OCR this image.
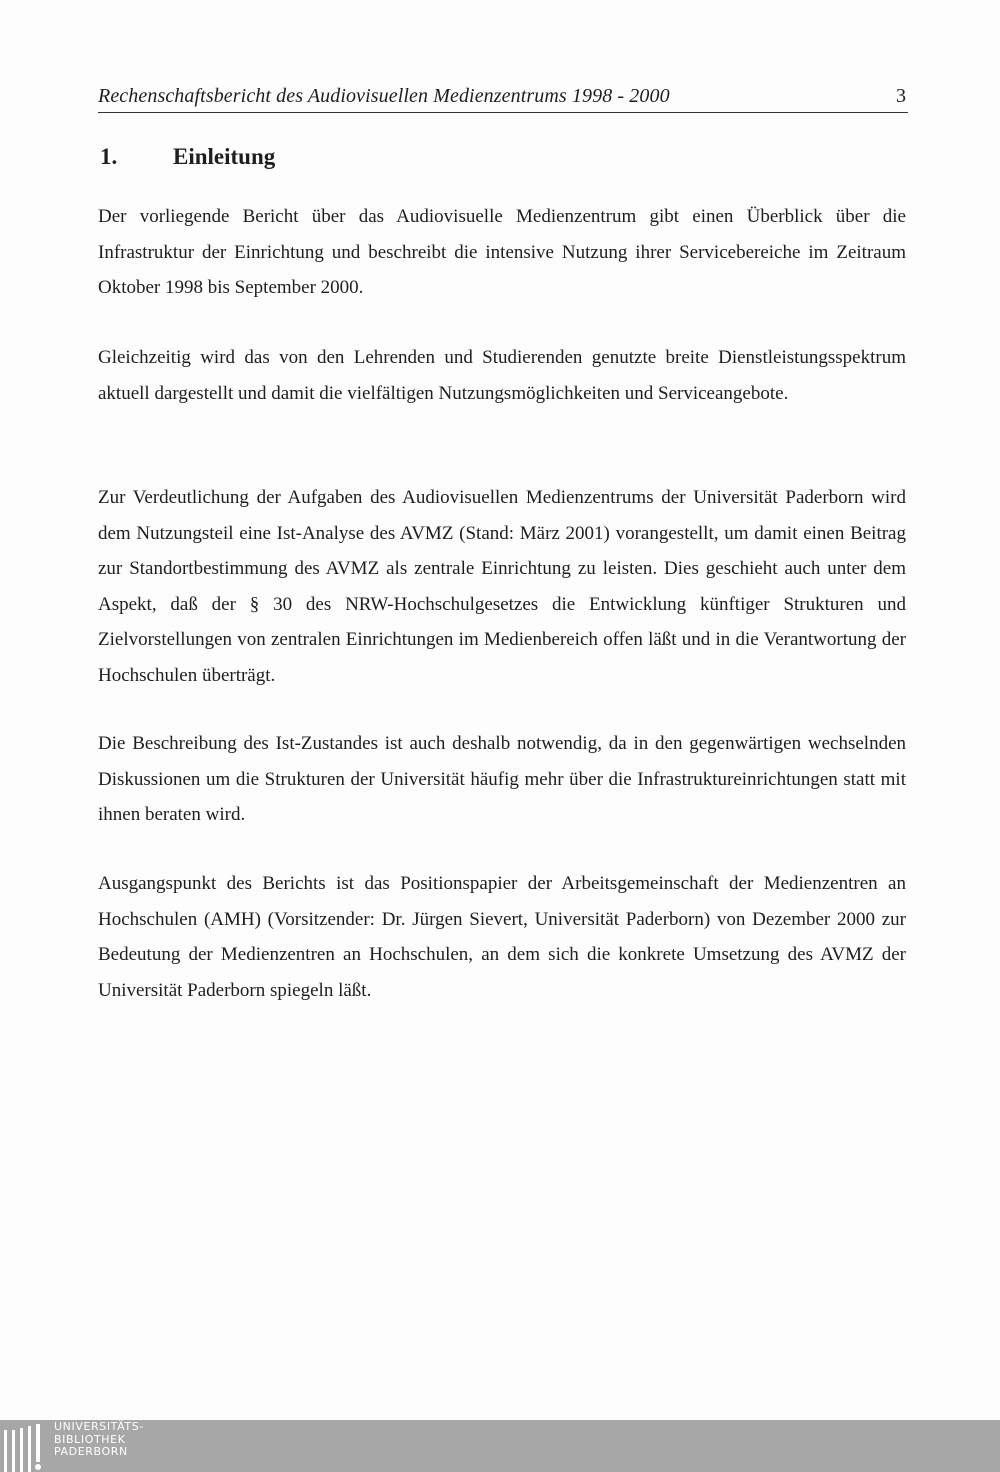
Rechenschaftsbericht des Audiovisuellen Medienzentrums 1998 - 2000	3
1. Einleitung

Der vorliegende Bericht über das Audiovisuelle Medienzentrum gibt einen Überblick über die Infrastruktur der Einrichtung und beschreibt die intensive Nutzung ihrer Servicebereiche im Zeitraum Oktober 1998 bis September 2000.

Gleichzeitig wird das von den Lehrenden und Studierenden genutzte breite Dienstleistungsspektrum aktuell dargestellt und damit die vielfältigen Nutzungsmöglichkeiten und Serviceangebote.

Zur Verdeutlichung der Aufgaben des Audiovisuellen Medienzentrums der Universität Paderborn wird dem Nutzungsteil eine Ist-Analyse des AVMZ (Stand: März 2001) vorangestellt, um damit einen Beitrag zur Standortbestimmung des AVMZ als zentrale Einrichtung zu leisten. Dies geschieht auch unter dem Aspekt, daß der § 30 des NRW-Hochschulgesetzes die Entwicklung künftiger Strukturen und Zielvorstellungen von zentralen Einrichtungen im Medienbereich offen läßt und in die Verantwortung der Hochschulen überträgt.

Die Beschreibung des Ist-Zustandes ist auch deshalb notwendig, da in den gegenwärtigen wechselnden Diskussionen um die Strukturen der Universität häufig mehr über die Infrastruktureinrichtungen statt mit ihnen beraten wird.

Ausgangspunkt des Berichts ist das Positionspapier der Arbeitsgemeinschaft der Medienzentren an Hochschulen (AMH) (Vorsitzender: Dr. Jürgen Sievert, Universität Paderborn) von Dezember 2000 zur Bedeutung der Medienzentren an Hochschulen, an dem sich die konkrete Umsetzung des AVMZ der Universität Paderborn spiegeln läßt.

UNIVERSITÄTS-
BIBLIOTHEK
PADERBORN
